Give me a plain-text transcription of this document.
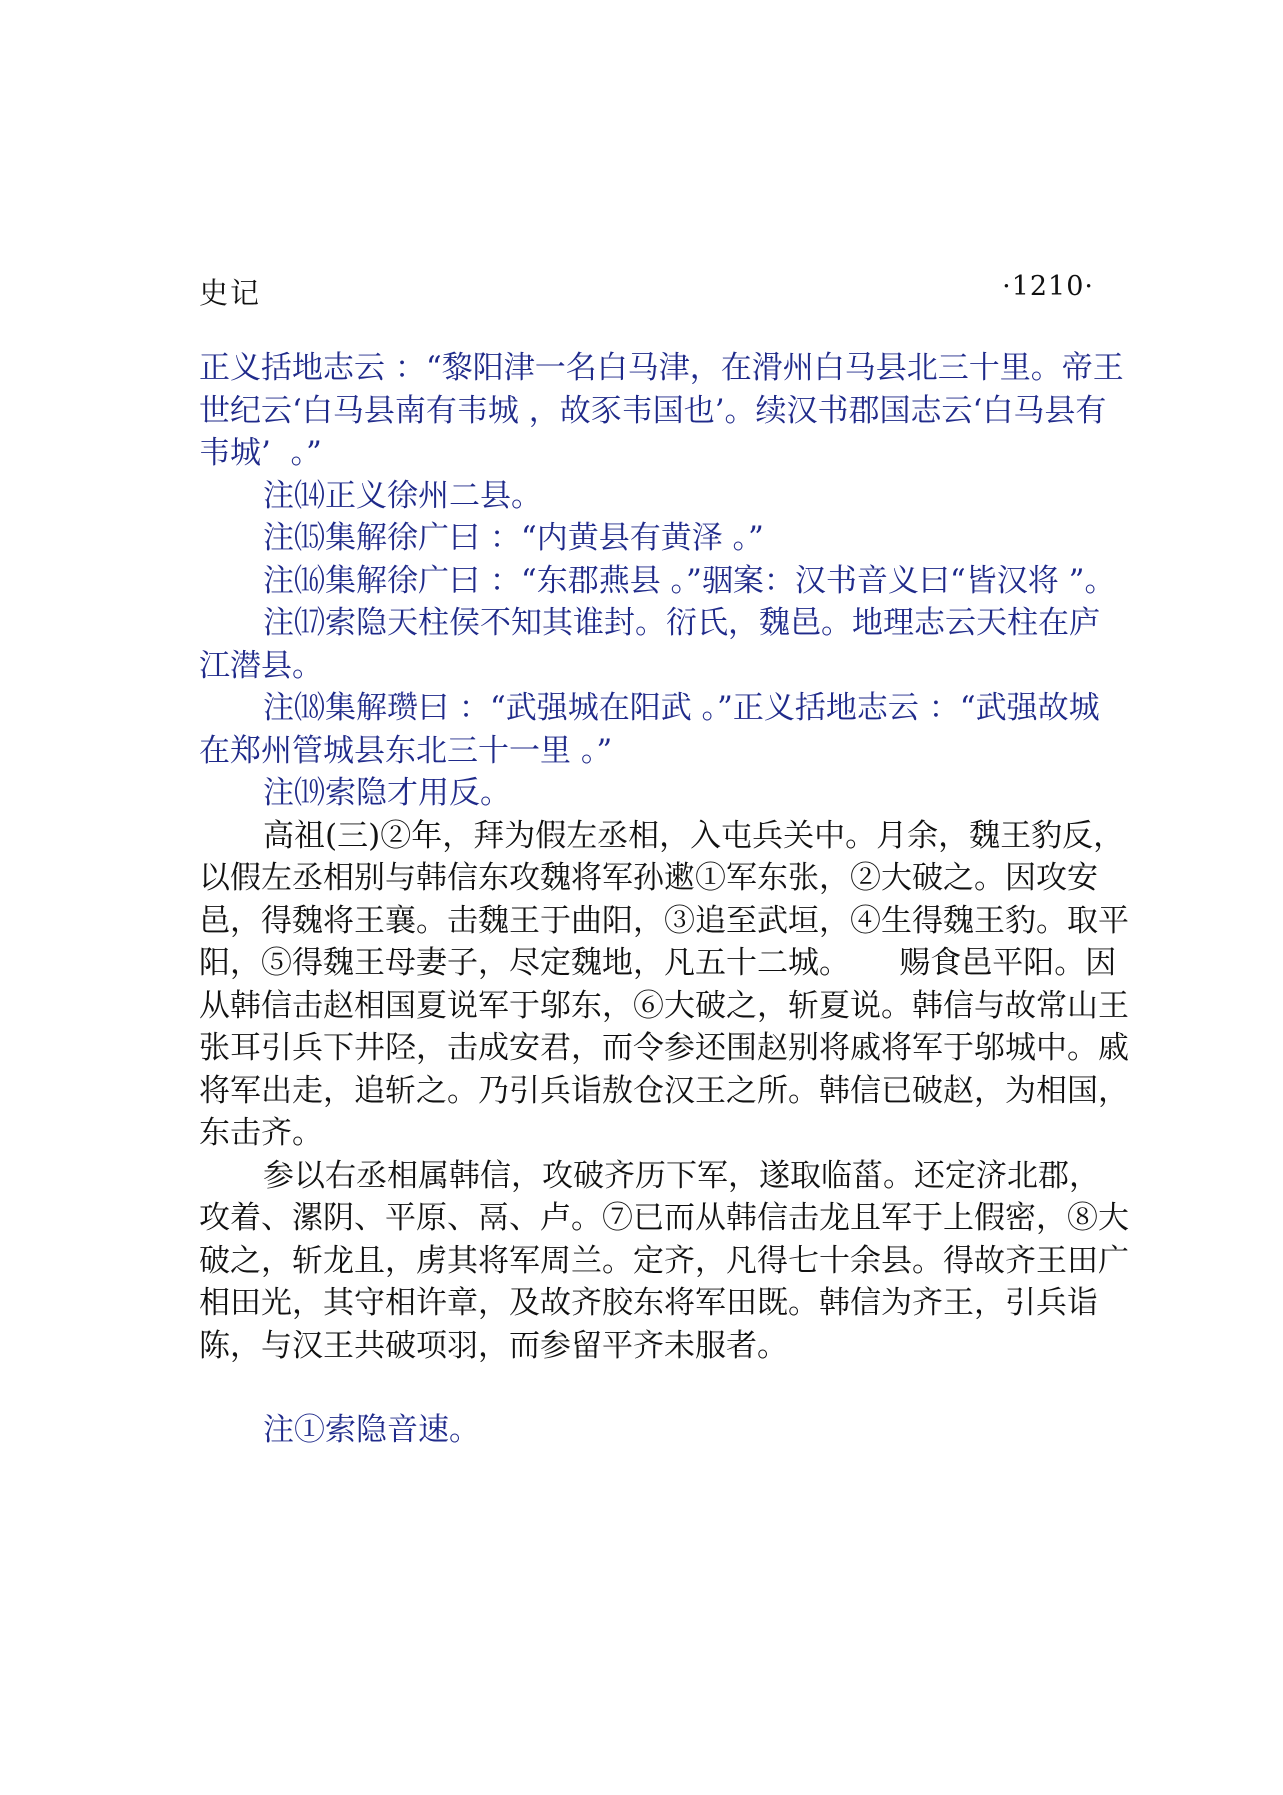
史记	·1210·

正义括地志云 ：“黎阳津一名白马津，在滑州白马县北三十里。帝王世纪云‘白马县南有韦城 ，故豕韦国也’。续汉书郡国志云‘白马县有韦城’  。”

注⒁正义徐州二县。

注⒂集解徐广曰 ：“内黄县有黄泽 。”

注⒃集解徐广曰 ：“东郡燕县 。”骃案：汉书音义曰“皆汉将 ”。

注⒄索隐天柱侯不知其谁封。衍氏，魏邑。地理志云天柱在庐江潜县。

注⒅集解瓒曰 ：“武强城在阳武 。”正义括地志云 ：“武强故城在郑州管城县东北三十一里 。”

注⒆索隐才用反。

高祖(三)②年，拜为假左丞相，入屯兵关中。月余，魏王豹反，以假左丞相别与韩信东攻魏将军孙遬①军东张，②大破之。因攻安邑，得魏将王襄。击魏王于曲阳，③追至武垣，④生得魏王豹。取平阳，⑤得魏王母妻子，尽定魏地，凡五十二城。     赐食邑平阳。因从韩信击赵相国夏说军于邬东，⑥大破之，斩夏说。韩信与故常山王张耳引兵下井陉，击成安君，而令参还围赵别将戚将军于邬城中。戚将军出走，追斩之。乃引兵诣敖仓汉王之所。韩信已破赵，为相国，东击齐。

参以右丞相属韩信，攻破齐历下军，遂取临菑。还定济北郡，攻着、漯阴、平原、鬲、卢。⑦已而从韩信击龙且军于上假密，⑧大破之，斩龙且，虏其将军周兰。定齐，凡得七十余县。得故齐王田广相田光，其守相许章，及故齐胶东将军田既。韩信为齐王，引兵诣陈，与汉王共破项羽，而参留平齐未服者。

注①索隐音速。
